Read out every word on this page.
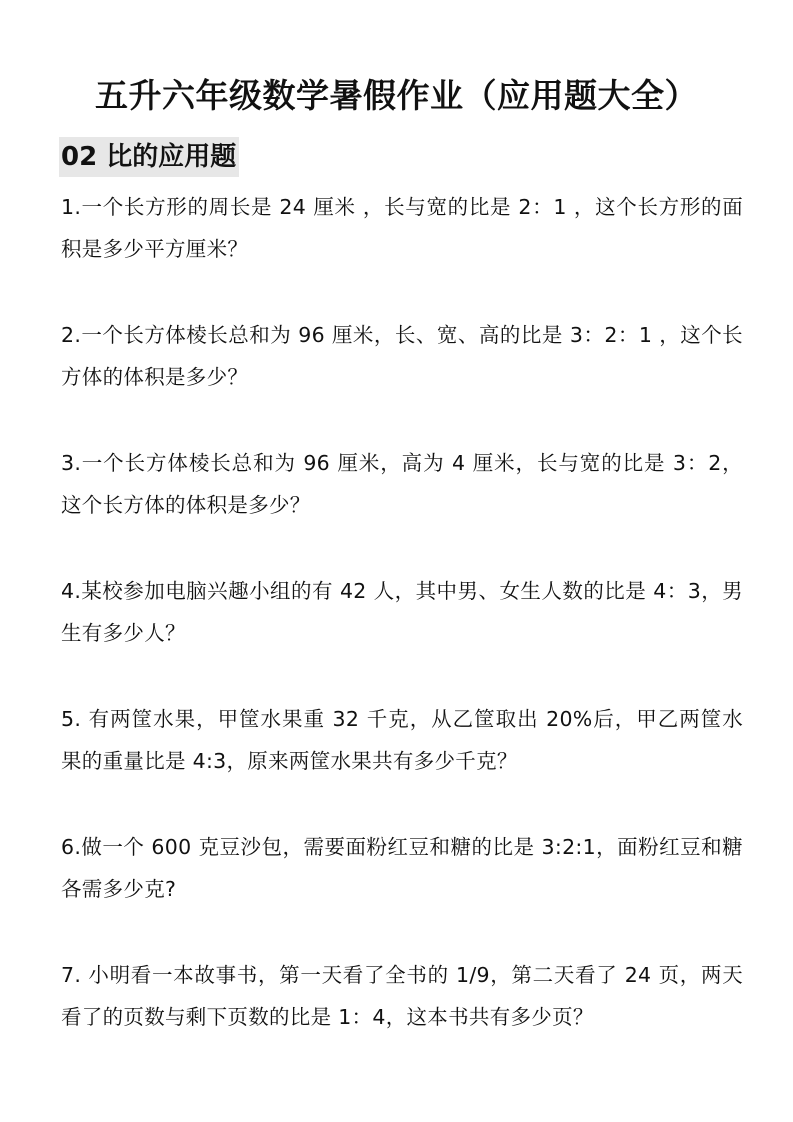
五升六年级数学暑假作业（应用题大全）
02 比的应用题

1.一个长方形的周长是 24 厘米 ，长与宽的比是 2：1 ，这个长方形的面积是多少平方厘米？

2.一个长方体棱长总和为 96 厘米，长、宽、高的比是 3：2：1 ，这个长方体的体积是多少？

3.一个长方体棱长总和为 96 厘米，高为 4 厘米，长与宽的比是 3：2，这个长方体的体积是多少？

4.某校参加电脑兴趣小组的有 42 人，其中男、女生人数的比是 4：3，男生有多少人？

5. 有两筐水果，甲筐水果重 32 千克，从乙筐取出 20%后，甲乙两筐水果的重量比是 4:3，原来两筐水果共有多少千克？

6.做一个 600 克豆沙包，需要面粉红豆和糖的比是 3:2:1，面粉红豆和糖各需多少克?

7. 小明看一本故事书，第一天看了全书的 1/9，第二天看了 24 页，两天看了的页数与剩下页数的比是 1：4，这本书共有多少页？
